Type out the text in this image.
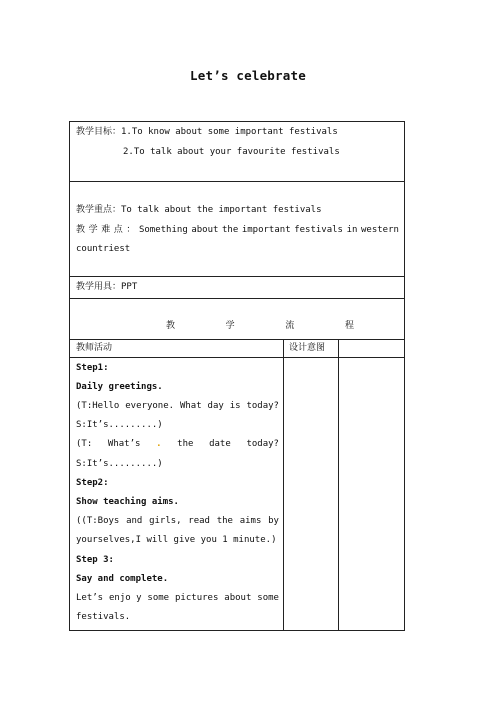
Let’s celebrate
教学目标：1.To know about some important festivals
2.To talk about your favourite festivals
教学重点：To talk about the important festivals
教 学 难 点 ： Something about the important festivals in western
countriest
教学用具：PPT
教	学	流	程
教师活动	设计意图
Step1:
Daily greetings.
(T:Hello everyone. What day is today?
S:It’s.........)
(T: What’s . the date today?
S:It’s.........)
Step2:
Show teaching aims.
((T:Boys and girls, read the aims by
yourselves,I will give you 1 minute.)
Step 3:
Say and complete.
Let’s enjo y some pictures about some
festivals.
